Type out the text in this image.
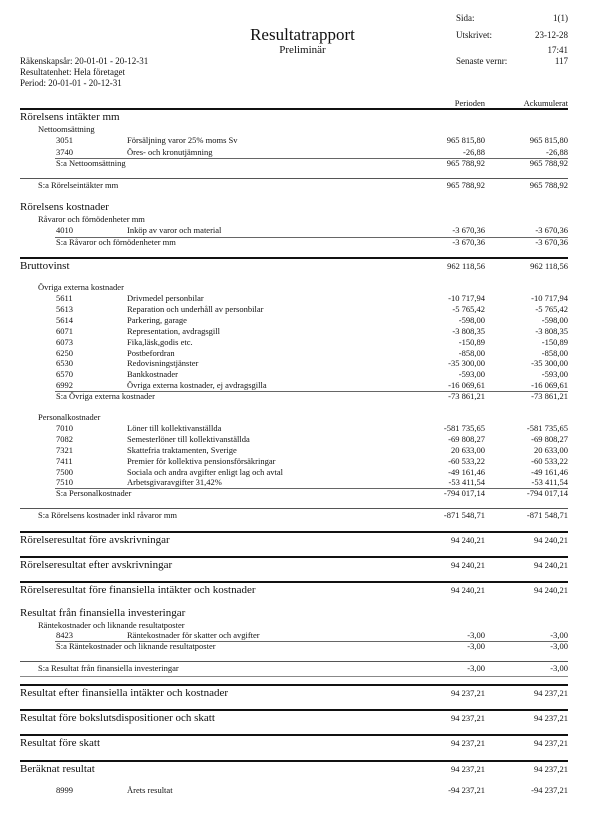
Resultatrapport
Preliminär
Räkenskapsår: 20-01-01 - 20-12-31
Resultatenhet: Hela företaget
Period: 20-01-01 - 20-12-31
Sida:	1(1)
Utskrivet:	23-12-28
17:41
Senaste vernr:	117
Perioden	Ackumulerat
Rörelsens intäkter mm
Nettoomsättning
3051	Försäljning varor 25% moms Sv	965 815,80	965 815,80
3740	Öres- och kronutjämning	-26,88	-26,88
S:a Nettoomsättning	965 788,92	965 788,92
S:a Rörelseintäkter mm	965 788,92	965 788,92
Rörelsens kostnader
Råvaror och förnödenheter mm
4010	Inköp av varor och material	-3 670,36	-3 670,36
S:a Råvaror och förnödenheter mm	-3 670,36	-3 670,36
Bruttovinst	962 118,56	962 118,56
Övriga externa kostnader
5611	Drivmedel personbilar	-10 717,94	-10 717,94
5613	Reparation och underhåll av personbilar	-5 765,42	-5 765,42
5614	Parkering, garage	-598,00	-598,00
6071	Representation, avdragsgill	-3 808,35	-3 808,35
6073	Fika,läsk,godis etc.	-150,89	-150,89
6250	Postbefordran	-858,00	-858,00
6530	Redovisningstjänster	-35 300,00	-35 300,00
6570	Bankkostnader	-593,00	-593,00
6992	Övriga externa kostnader, ej avdragsgilla	-16 069,61	-16 069,61
S:a Övriga externa kostnader	-73 861,21	-73 861,21
Personalkostnader
7010	Löner till kollektivanställda	-581 735,65	-581 735,65
7082	Semesterlöner till kollektivanställda	-69 808,27	-69 808,27
7321	Skattefria traktamenten, Sverige	20 633,00	20 633,00
7411	Premier för kollektiva pensionsförsäkringar	-60 533,22	-60 533,22
7500	Sociala och andra avgifter enligt lag och avtal	-49 161,46	-49 161,46
7510	Arbetsgivaravgifter 31,42%	-53 411,54	-53 411,54
S:a Personalkostnader	-794 017,14	-794 017,14
S:a Rörelsens kostnader inkl råvaror mm	-871 548,71	-871 548,71
Rörelseresultat före avskrivningar	94 240,21	94 240,21
Rörelseresultat efter avskrivningar	94 240,21	94 240,21
Rörelseresultat före finansiella intäkter och kostnader	94 240,21	94 240,21
Resultat från finansiella investeringar
Räntekostnader och liknande resultatposter
8423	Räntekostnader för skatter och avgifter	-3,00	-3,00
S:a Räntekostnader och liknande resultatposter	-3,00	-3,00
S:a Resultat från finansiella investeringar	-3,00	-3,00
Resultat efter finansiella intäkter och kostnader	94 237,21	94 237,21
Resultat före bokslutsdispositioner och skatt	94 237,21	94 237,21
Resultat före skatt	94 237,21	94 237,21
Beräknat resultat	94 237,21	94 237,21
8999	Årets resultat	-94 237,21	-94 237,21
